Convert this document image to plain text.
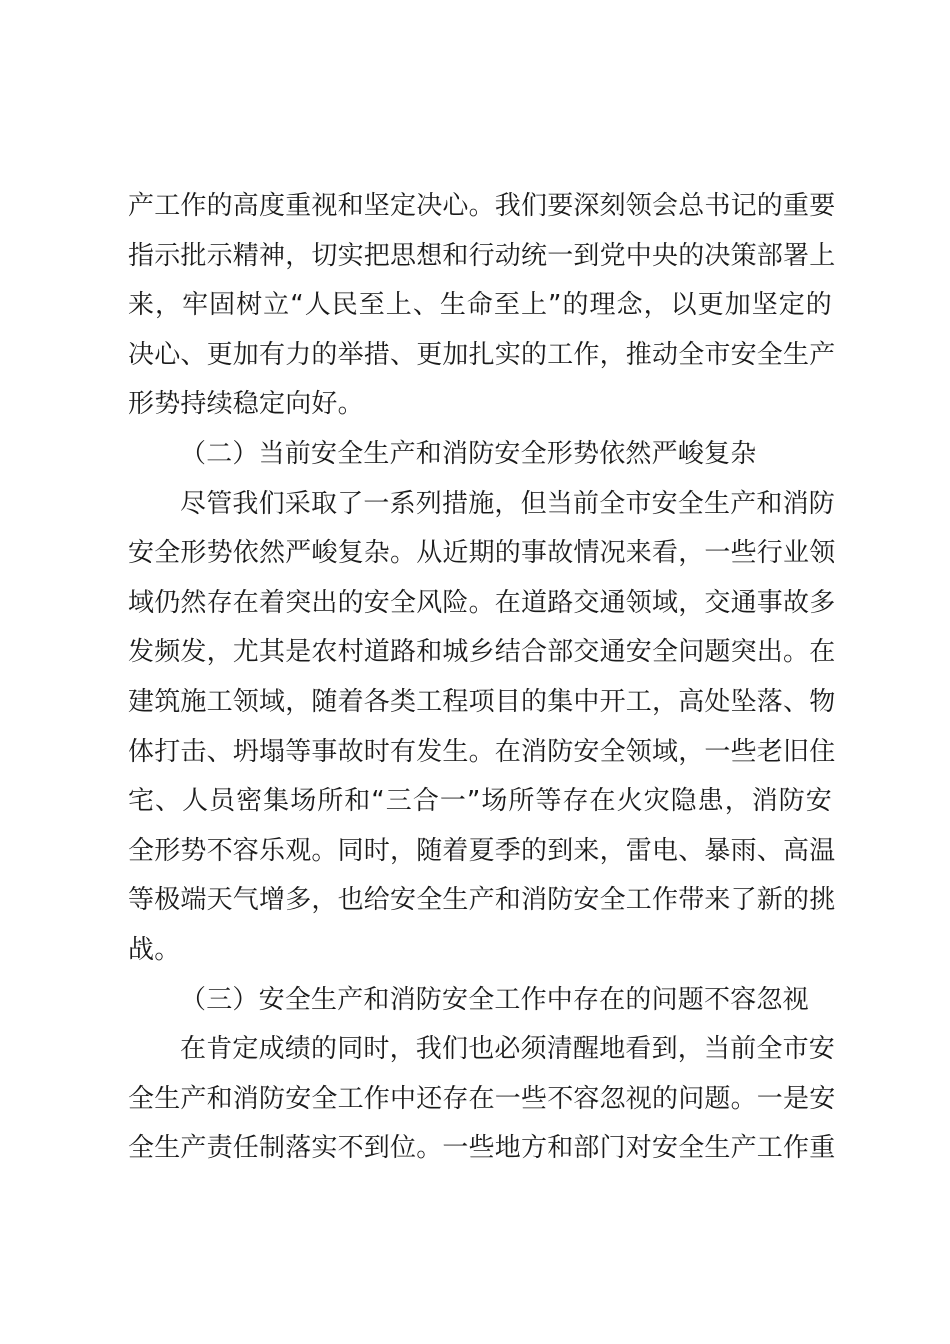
产工作的高度重视和坚定决心。我们要深刻领会总书记的重要
指示批示精神，切实把思想和行动统一到党中央的决策部署上
来，牢固树立“人民至上、生命至上”的理念，以更加坚定的
决心、更加有力的举措、更加扎实的工作，推动全市安全生产
形势持续稳定向好。
（二）当前安全生产和消防安全形势依然严峻复杂
尽管我们采取了一系列措施，但当前全市安全生产和消防
安全形势依然严峻复杂。从近期的事故情况来看，一些行业领
域仍然存在着突出的安全风险。在道路交通领域，交通事故多
发频发，尤其是农村道路和城乡结合部交通安全问题突出。在
建筑施工领域，随着各类工程项目的集中开工，高处坠落、物
体打击、坍塌等事故时有发生。在消防安全领域，一些老旧住
宅、人员密集场所和“三合一”场所等存在火灾隐患，消防安
全形势不容乐观。同时，随着夏季的到来，雷电、暴雨、高温
等极端天气增多，也给安全生产和消防安全工作带来了新的挑
战。
（三）安全生产和消防安全工作中存在的问题不容忽视
在肯定成绩的同时，我们也必须清醒地看到，当前全市安
全生产和消防安全工作中还存在一些不容忽视的问题。一是安
全生产责任制落实不到位。一些地方和部门对安全生产工作重
